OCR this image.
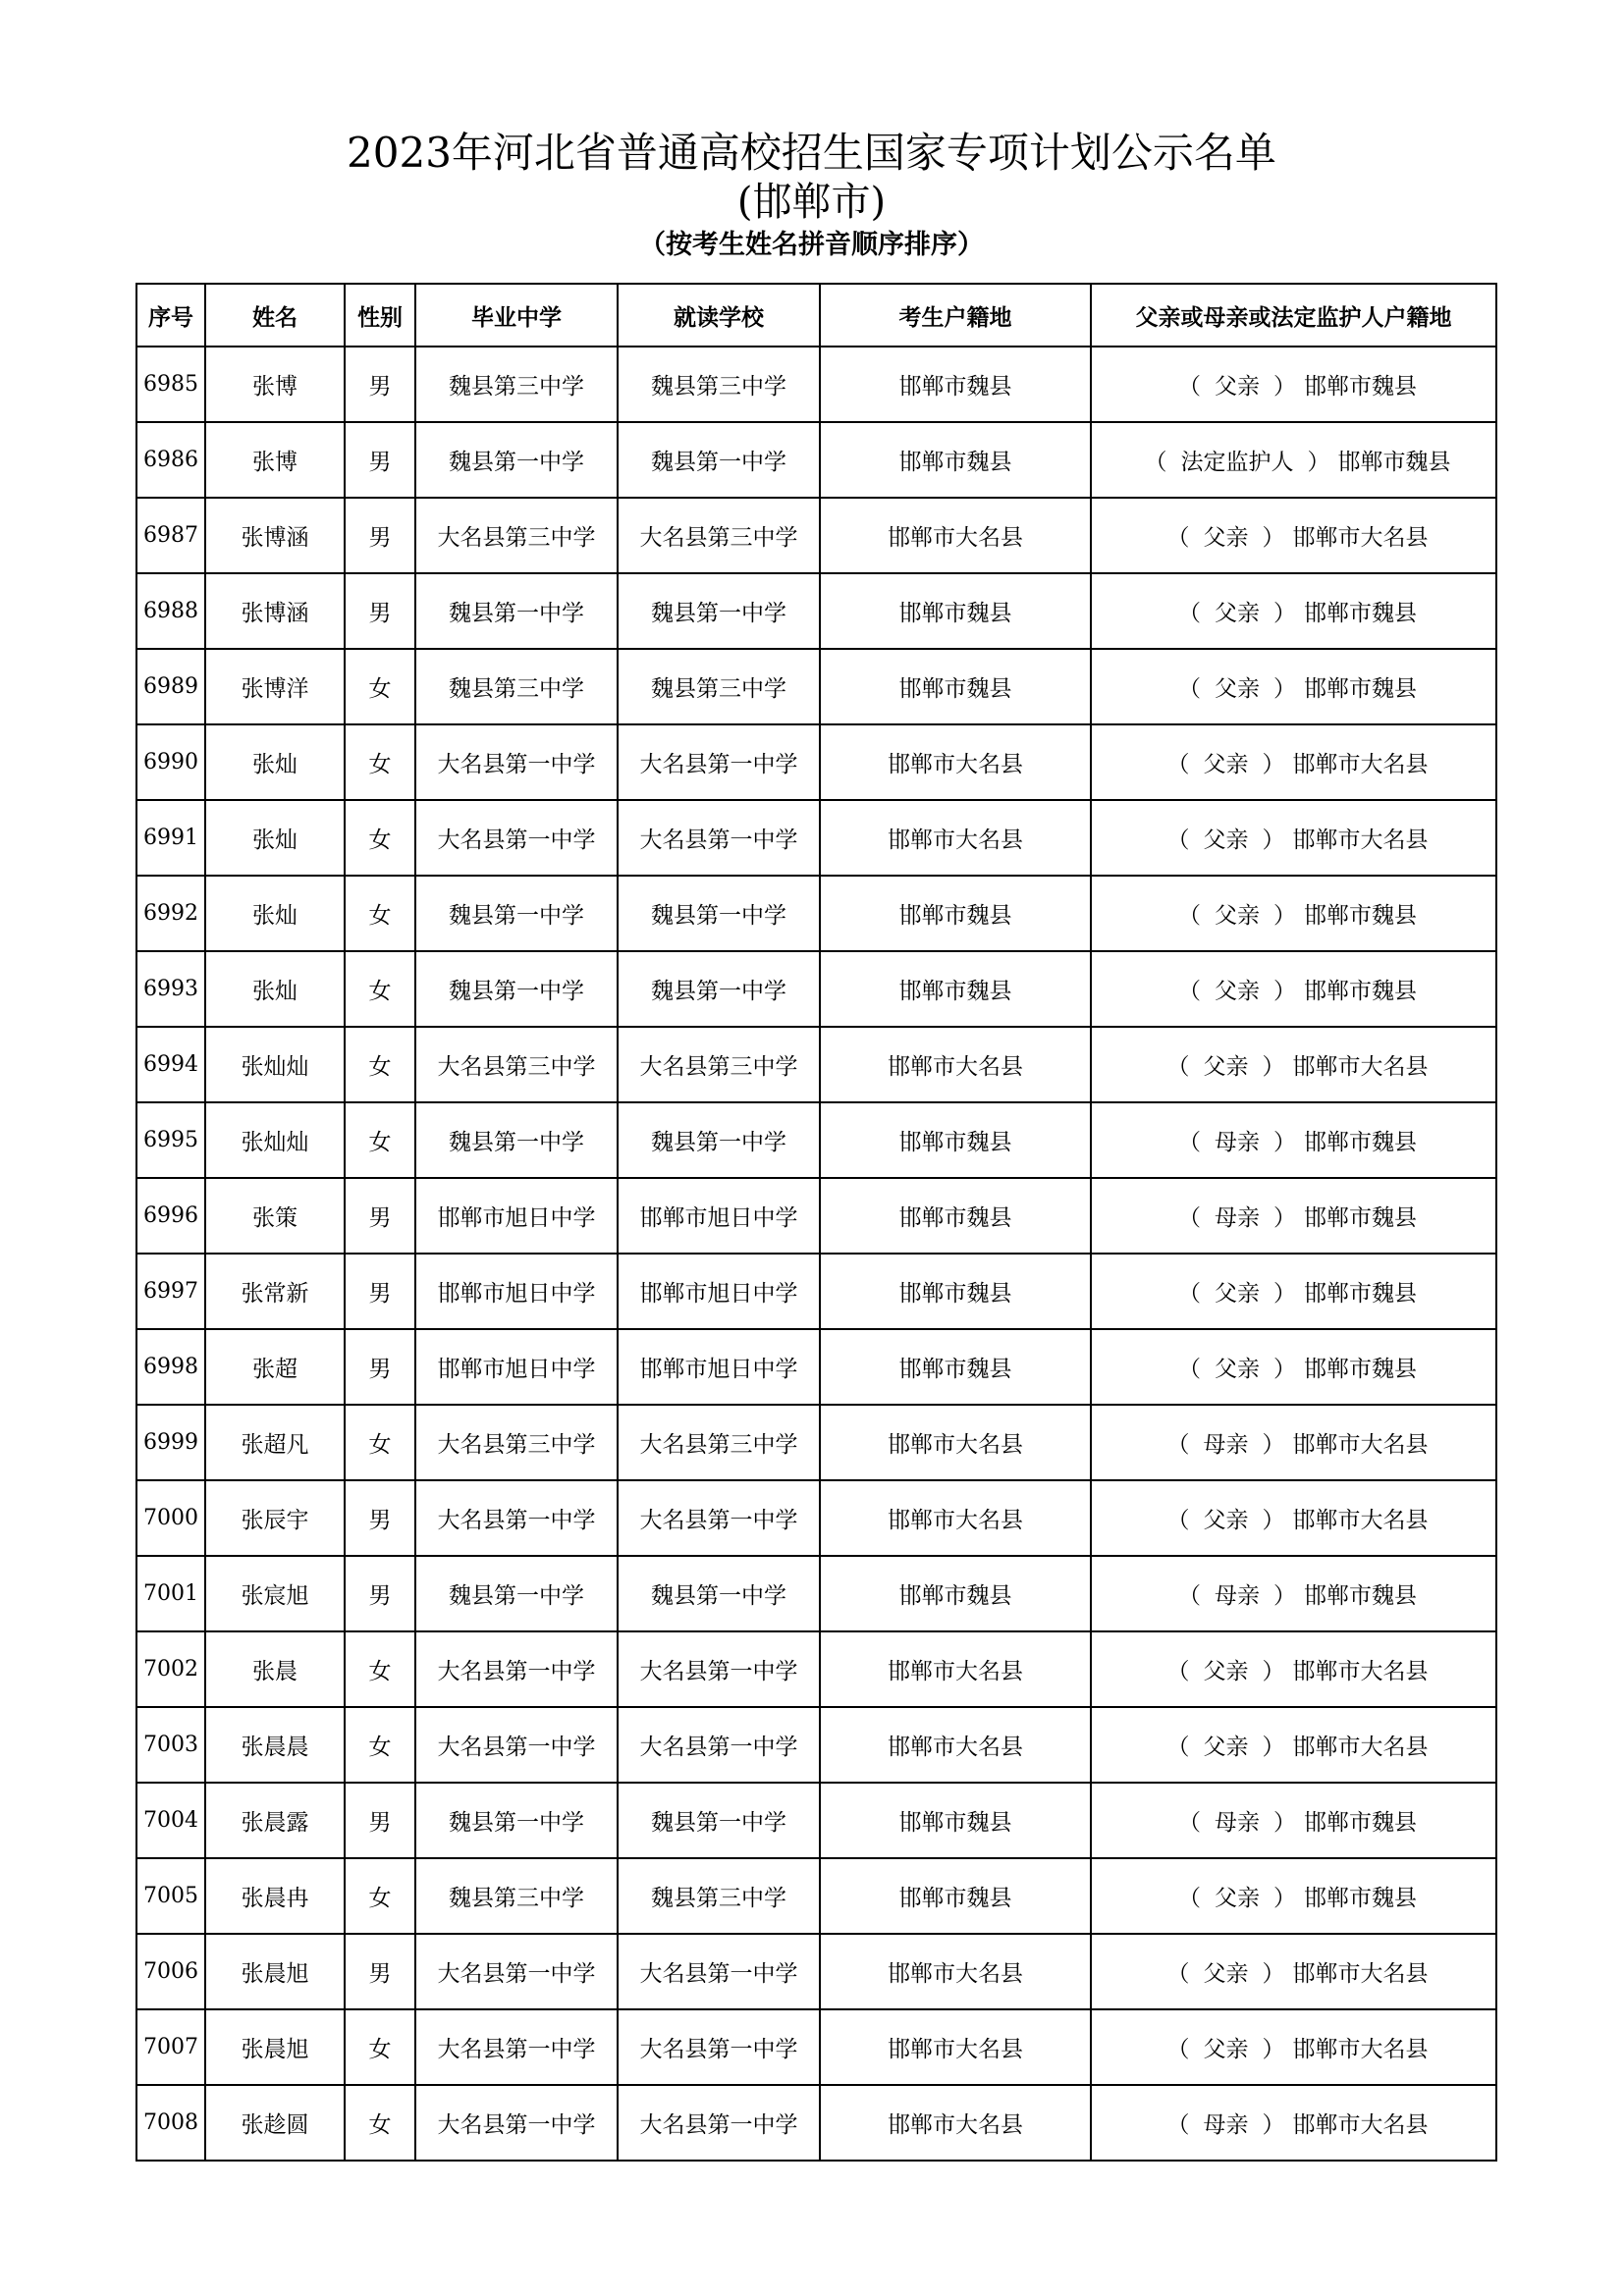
2023年河北省普通高校招生国家专项计划公示名单
(邯郸市)
（按考生姓名拼音顺序排序）
序号	姓名	性别	毕业中学	就读学校	考生户籍地	父亲或母亲或法定监护人户籍地
6985	张博	男	魏县第三中学	魏县第三中学	邯郸市魏县	（ 父亲 ） 邯郸市魏县
6986	张博	男	魏县第一中学	魏县第一中学	邯郸市魏县	（ 法定监护人 ） 邯郸市魏县
6987	张博涵	男	大名县第三中学	大名县第三中学	邯郸市大名县	（ 父亲 ） 邯郸市大名县
6988	张博涵	男	魏县第一中学	魏县第一中学	邯郸市魏县	（ 父亲 ） 邯郸市魏县
6989	张博洋	女	魏县第三中学	魏县第三中学	邯郸市魏县	（ 父亲 ） 邯郸市魏县
6990	张灿	女	大名县第一中学	大名县第一中学	邯郸市大名县	（ 父亲 ） 邯郸市大名县
6991	张灿	女	大名县第一中学	大名县第一中学	邯郸市大名县	（ 父亲 ） 邯郸市大名县
6992	张灿	女	魏县第一中学	魏县第一中学	邯郸市魏县	（ 父亲 ） 邯郸市魏县
6993	张灿	女	魏县第一中学	魏县第一中学	邯郸市魏县	（ 父亲 ） 邯郸市魏县
6994	张灿灿	女	大名县第三中学	大名县第三中学	邯郸市大名县	（ 父亲 ） 邯郸市大名县
6995	张灿灿	女	魏县第一中学	魏县第一中学	邯郸市魏县	（ 母亲 ） 邯郸市魏县
6996	张策	男	邯郸市旭日中学	邯郸市旭日中学	邯郸市魏县	（ 母亲 ） 邯郸市魏县
6997	张常新	男	邯郸市旭日中学	邯郸市旭日中学	邯郸市魏县	（ 父亲 ） 邯郸市魏县
6998	张超	男	邯郸市旭日中学	邯郸市旭日中学	邯郸市魏县	（ 父亲 ） 邯郸市魏县
6999	张超凡	女	大名县第三中学	大名县第三中学	邯郸市大名县	（ 母亲 ） 邯郸市大名县
7000	张辰宇	男	大名县第一中学	大名县第一中学	邯郸市大名县	（ 父亲 ） 邯郸市大名县
7001	张宸旭	男	魏县第一中学	魏县第一中学	邯郸市魏县	（ 母亲 ） 邯郸市魏县
7002	张晨	女	大名县第一中学	大名县第一中学	邯郸市大名县	（ 父亲 ） 邯郸市大名县
7003	张晨晨	女	大名县第一中学	大名县第一中学	邯郸市大名县	（ 父亲 ） 邯郸市大名县
7004	张晨露	男	魏县第一中学	魏县第一中学	邯郸市魏县	（ 母亲 ） 邯郸市魏县
7005	张晨冉	女	魏县第三中学	魏县第三中学	邯郸市魏县	（ 父亲 ） 邯郸市魏县
7006	张晨旭	男	大名县第一中学	大名县第一中学	邯郸市大名县	（ 父亲 ） 邯郸市大名县
7007	张晨旭	女	大名县第一中学	大名县第一中学	邯郸市大名县	（ 父亲 ） 邯郸市大名县
7008	张趁圆	女	大名县第一中学	大名县第一中学	邯郸市大名县	（ 母亲 ） 邯郸市大名县
